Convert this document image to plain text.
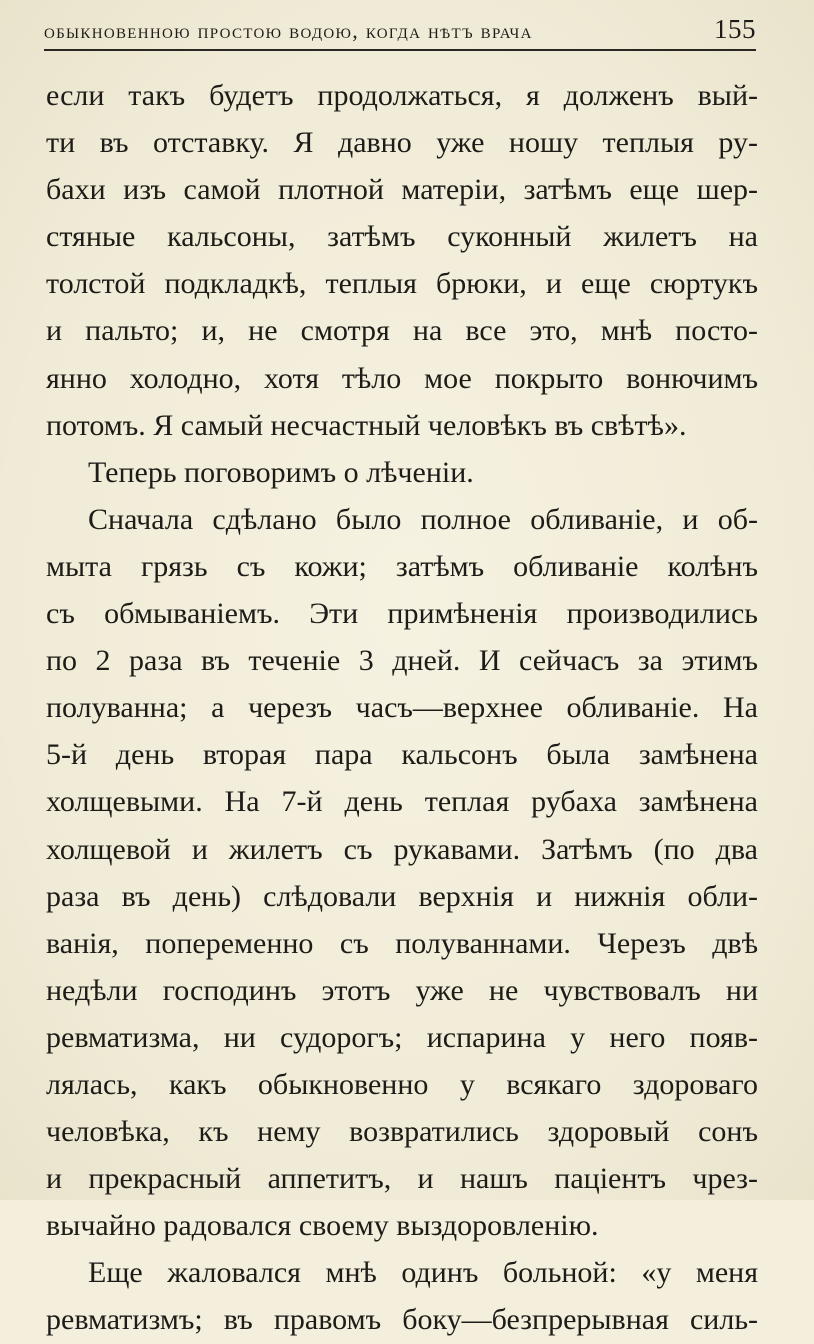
обыкновенною простою водою, когда нѣтъ врача	155
если такъ будетъ продолжаться, я долженъ вый-
ти въ отставку. Я давно уже ношу теплыя ру-
бахи изъ самой плотной матеріи, затѣмъ еще шер-
стяные кальсоны, затѣмъ суконный жилетъ на
толстой подкладкѣ, теплыя брюки, и еще сюртукъ
и пальто; и, не смотря на все это, мнѣ посто-
янно холодно, хотя тѣло мое покрыто вонючимъ
потомъ. Я самый несчастный человѣкъ въ свѣтѣ».
Теперь поговоримъ о лѣченіи.
Сначала сдѣлано было полное обливаніе, и об-
мыта грязь съ кожи; затѣмъ обливаніе колѣнъ
съ обмываніемъ. Эти примѣненія производились
по 2 раза въ теченіе 3 дней. И сейчасъ за этимъ
полуванна; а черезъ часъ—верхнее обливаніе. На
5-й день вторая пара кальсонъ была замѣнена
холщевыми. На 7-й день теплая рубаха замѣнена
холщевой и жилетъ съ рукавами. Затѣмъ (по два
раза въ день) слѣдовали верхнія и нижнія обли-
ванія, попеременно съ полуваннами. Черезъ двѣ
недѣли господинъ этотъ уже не чувствовалъ ни
ревматизма, ни судорогъ; испарина у него появ-
лялась, какъ обыкновенно у всякаго здороваго
человѣка, къ нему возвратились здоровый сонъ
и прекрасный аппетитъ, и нашъ паціентъ чрез-
вычайно радовался своему выздоровленію.
Еще жаловался мнѣ одинъ больной: «у меня
ревматизмъ; въ правомъ боку—безпрерывная силь-
